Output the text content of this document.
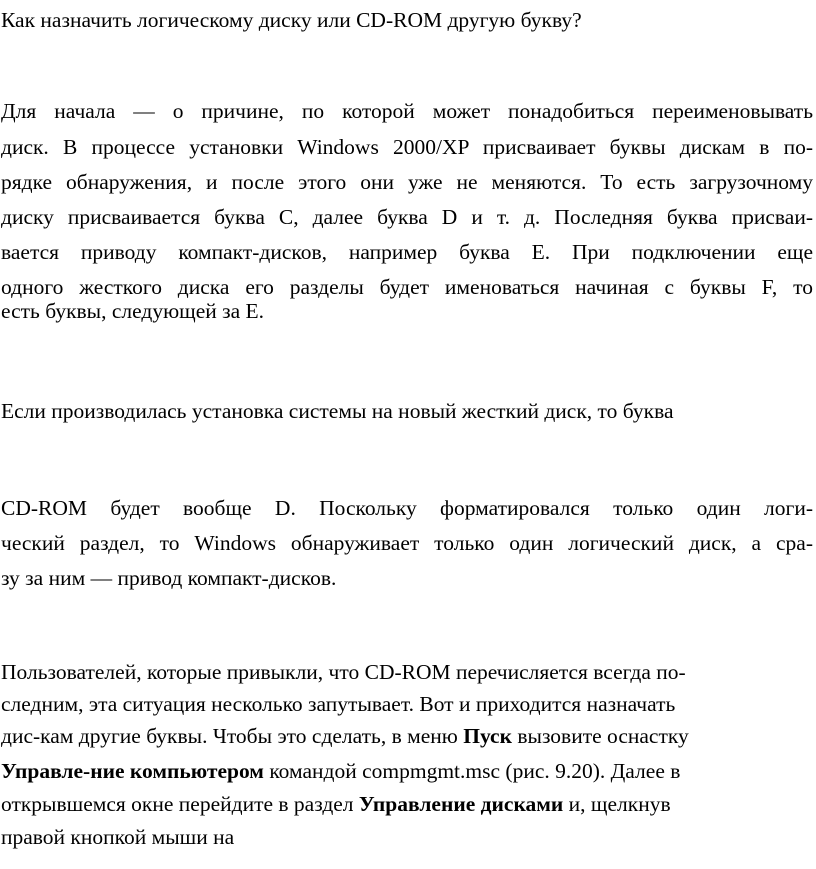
Как назначить логическому диску или CD-ROM другую букву?
Для начала — о причине, по которой может понадобиться переименовывать
диск. В процессе установки Windows 2000/XP присваивает буквы дискам в по-
рядке обнаружения, и после этого они уже не меняются. То есть загрузочному
диску присваивается буква C, далее буква D и т. д. Последняя буква присваи-
вается приводу компакт-дисков, например буква E. При подключении еще
одного жесткого диска его разделы будет именоваться начиная с буквы F, то
есть буквы, следующей за E.
Если производилась установка системы на новый жесткий диск, то буква
CD-ROM будет вообще D. Поскольку форматировался только один логи-
ческий раздел, то Windows обнаруживает только один логический диск, а сра-
зу за ним — привод компакт-дисков.
Пользователей, которые привыкли, что CD-ROM перечисляется всегда по-
следним, эта ситуация несколько запутывает. Вот и приходится назначать
дис-кам другие буквы. Чтобы это сделать, в меню Пуск вызовите оснастку
Управле-ние компьютером командой compmgmt.msc (рис. 9.20). Далее в
открывшемся окне перейдите в раздел Управление дисками и, щелкнув
правой кнопкой мыши на
